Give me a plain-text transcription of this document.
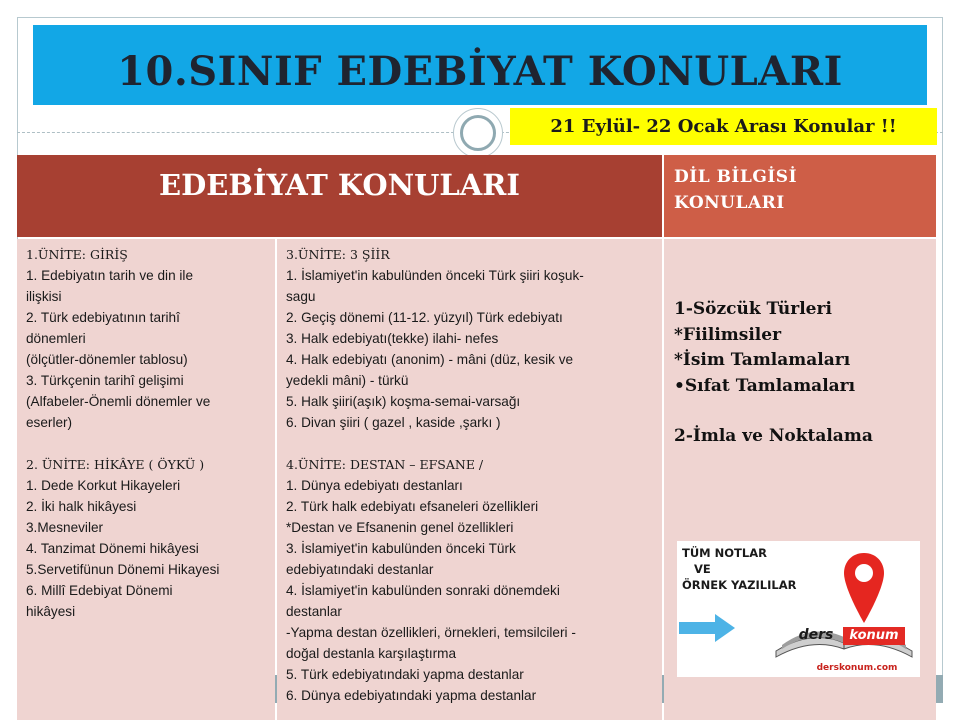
10.SINIF EDEBİYAT KONULARI
21 Eylül- 22 Ocak Arası Konular !!
EDEBİYAT KONULARI	DİL BİLGİSİ
KONULARI
1.ÜNİTE: GİRİŞ
1. Edebiyatın tarih ve din ile
ilişkisi
2. Türk edebiyatının tarihî
dönemleri
(ölçütler-dönemler tablosu)
3. Türkçenin tarihî gelişimi
(Alfabeler-Önemli dönemler ve
eserler)
2. ÜNİTE: HİKÂYE ( ÖYKÜ )
1. Dede Korkut Hikayeleri
2. İki halk hikâyesi
3.Mesneviler
4. Tanzimat Dönemi hikâyesi
5.Servetifünun Dönemi Hikayesi
6. Millî Edebiyat Dönemi
hikâyesi
3.ÜNİTE: 3 ŞİİR
1. İslamiyet'in kabulünden önceki Türk şiiri koşuk-
sagu
2. Geçiş dönemi (11-12. yüzyıl) Türk edebiyatı
3. Halk edebiyatı(tekke) ilahi- nefes
4. Halk edebiyatı (anonim) - mâni (düz, kesik ve
yedekli mâni) - türkü
5. Halk şiiri(aşık) koşma-semai-varsağı
6. Divan şiiri ( gazel , kaside ,şarkı )
4.ÜNİTE: DESTAN – EFSANE /
1. Dünya edebiyatı destanları
2. Türk halk edebiyatı efsaneleri özellikleri
*Destan ve Efsanenin genel özellikleri
3. İslamiyet'in kabulünden önceki Türk
edebiyatındaki destanlar
4. İslamiyet'in kabulünden sonraki dönemdeki
destanlar
-Yapma destan özellikleri, örnekleri, temsilcileri -
doğal destanla karşılaştırma
5. Türk edebiyatındaki yapma destanlar
6. Dünya edebiyatındaki yapma destanlar
1-Sözcük Türleri
*Fiilimsiler
*İsim Tamlamaları
•Sıfat Tamlamaları
2-İmla ve Noktalama
TÜM NOTLAR
VE
ÖRNEK YAZILILAR
ders	konum
derskonum.com
